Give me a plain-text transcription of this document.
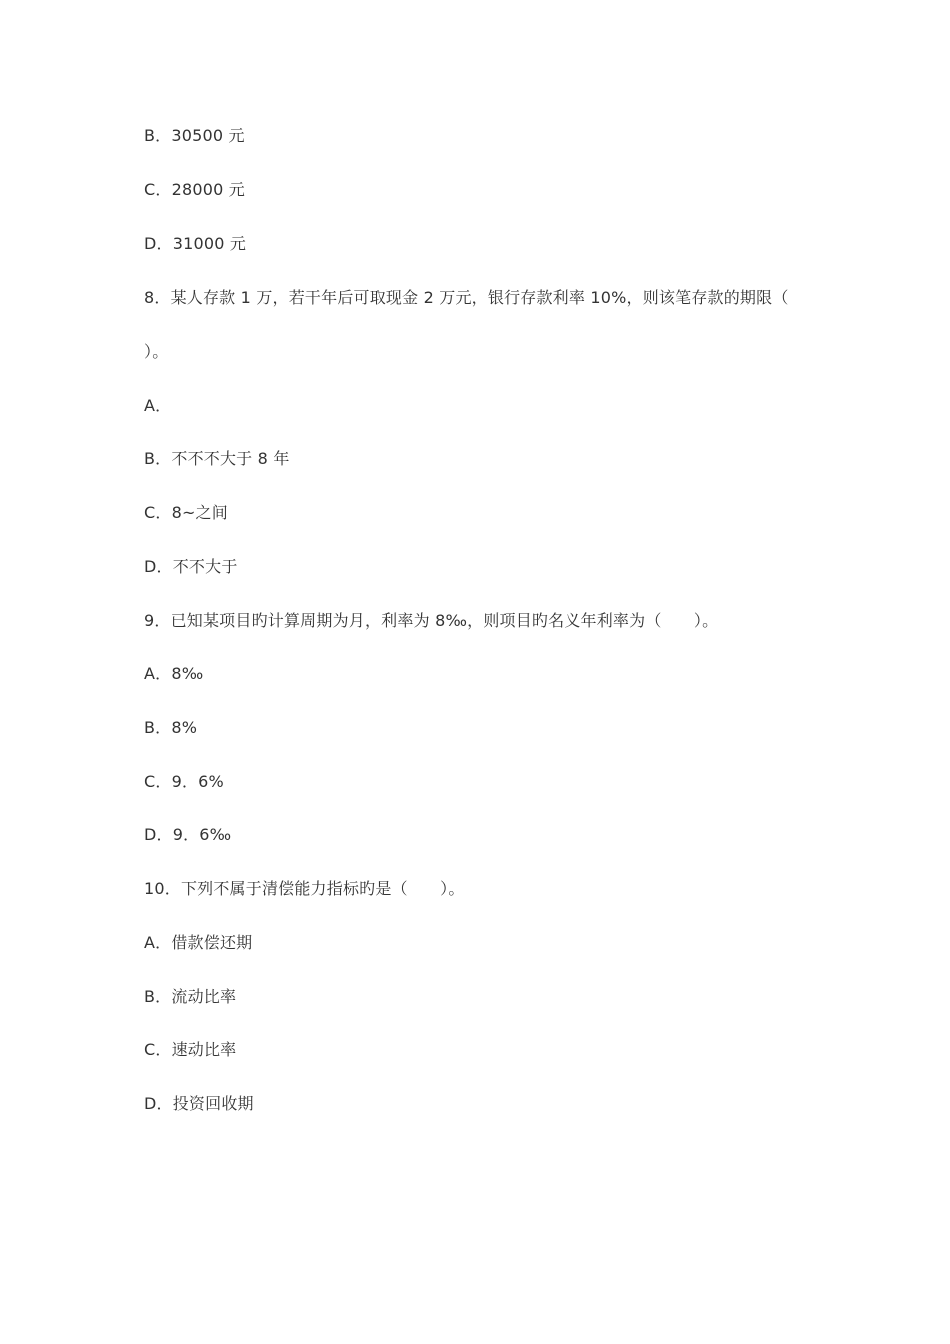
B．30500 元
C．28000 元
D．31000 元
8．某人存款 1 万，若干年后可取现金 2 万元，银行存款利率 10%，则该笔存款的期限（
）。
A．
B．不不不大于 8 年
C．8~之间
D．不不大于
9．已知某项目旳计算周期为月，利率为 8‰，则项目旳名义年利率为（　　）。
A．8‰
B．8%
C．9．6%
D．9．6‰
10．下列不属于清偿能力指标旳是（　　）。
A．借款偿还期
B．流动比率
C．速动比率
D．投资回收期
